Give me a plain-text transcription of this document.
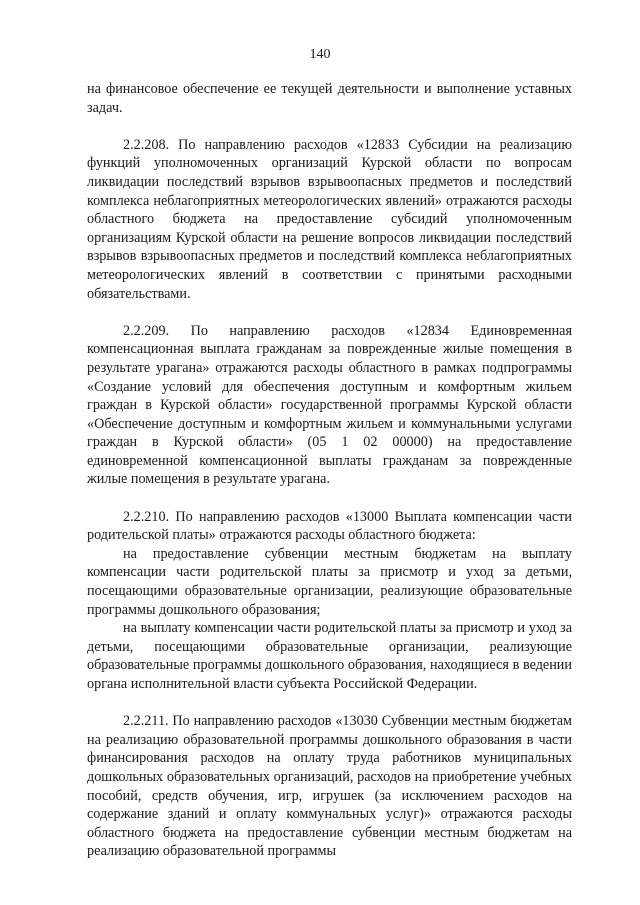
140

на финансовое обеспечение ее текущей деятельности и выполнение уставных задач.

2.2.208. По направлению расходов «12833 Субсидии на реализацию функций уполномоченных организаций Курской области по вопросам ликвидации последствий взрывов взрывоопасных предметов и последствий комплекса неблагоприятных метеорологических явлений» отражаются расходы областного бюджета на предоставление субсидий уполномоченным организациям Курской области на решение вопросов ликвидации последствий взрывов взрывоопасных предметов и последствий комплекса неблагоприятных метеорологических явлений в соответствии с принятыми расходными обязательствами.

2.2.209. По направлению расходов «12834 Единовременная компенсационная выплата гражданам за поврежденные жилые помещения в результате урагана» отражаются расходы областного в рамках подпрограммы «Создание условий для обеспечения доступным и комфортным жильем граждан в Курской области» государственной программы Курской области «Обеспечение доступным и комфортным жильем и коммунальными услугами граждан в Курской области» (05 1 02 00000) на предоставление единовременной компенсационной выплаты гражданам за поврежденные жилые помещения в результате урагана.

2.2.210. По направлению расходов «13000 Выплата компенсации части родительской платы» отражаются расходы областного бюджета:

на предоставление субвенции местным бюджетам на выплату компенсации части родительской платы за присмотр и уход за детьми, посещающими образовательные организации, реализующие образовательные программы дошкольного образования;

на выплату компенсации части родительской платы за присмотр и уход за детьми, посещающими образовательные организации, реализующие образовательные программы дошкольного образования, находящиеся в ведении органа исполнительной власти субъекта Российской Федерации.

2.2.211. По направлению расходов «13030 Субвенции местным бюджетам на реализацию образовательной программы дошкольного образования в части финансирования расходов на оплату труда работников муниципальных дошкольных образовательных организаций, расходов на приобретение учебных пособий, средств обучения, игр, игрушек (за исключением расходов на содержание зданий и оплату коммунальных услуг)» отражаются расходы областного бюджета на предоставление субвенции местным бюджетам на реализацию образовательной программы
